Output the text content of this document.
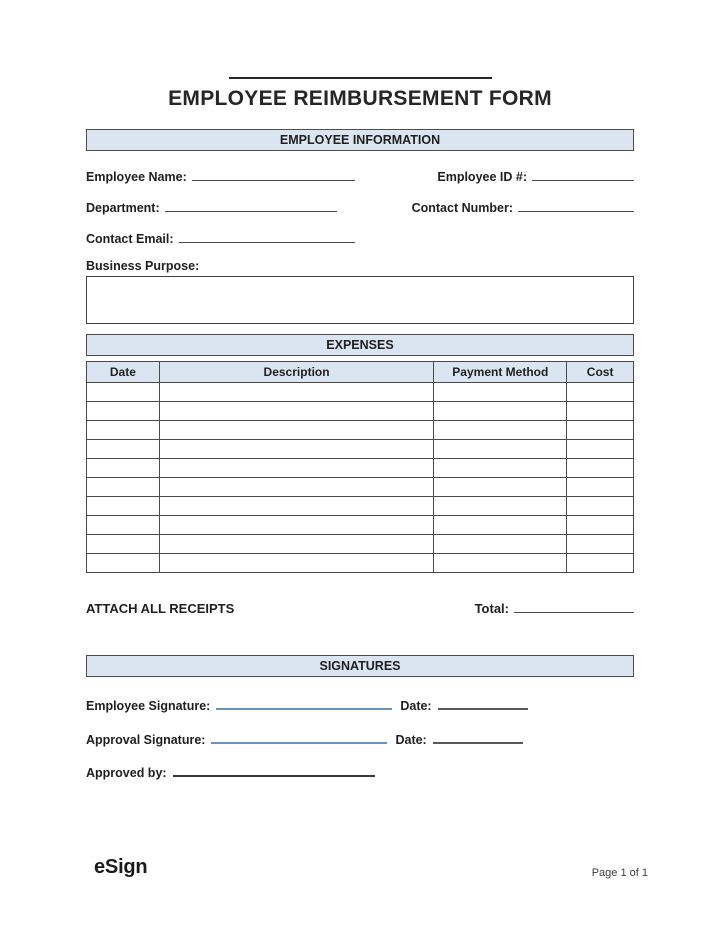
EMPLOYEE REIMBURSEMENT FORM
EMPLOYEE INFORMATION
Employee Name:	Employee ID #:
Department:	Contact Number:
Contact Email:
Business Purpose:
EXPENSES
Date	Description	Payment Method	Cost

ATTACH ALL RECEIPTS	Total:
SIGNATURES
Employee Signature:	Date:
Approval Signature:	Date:
Approved by:
eSign	Page 1 of 1
